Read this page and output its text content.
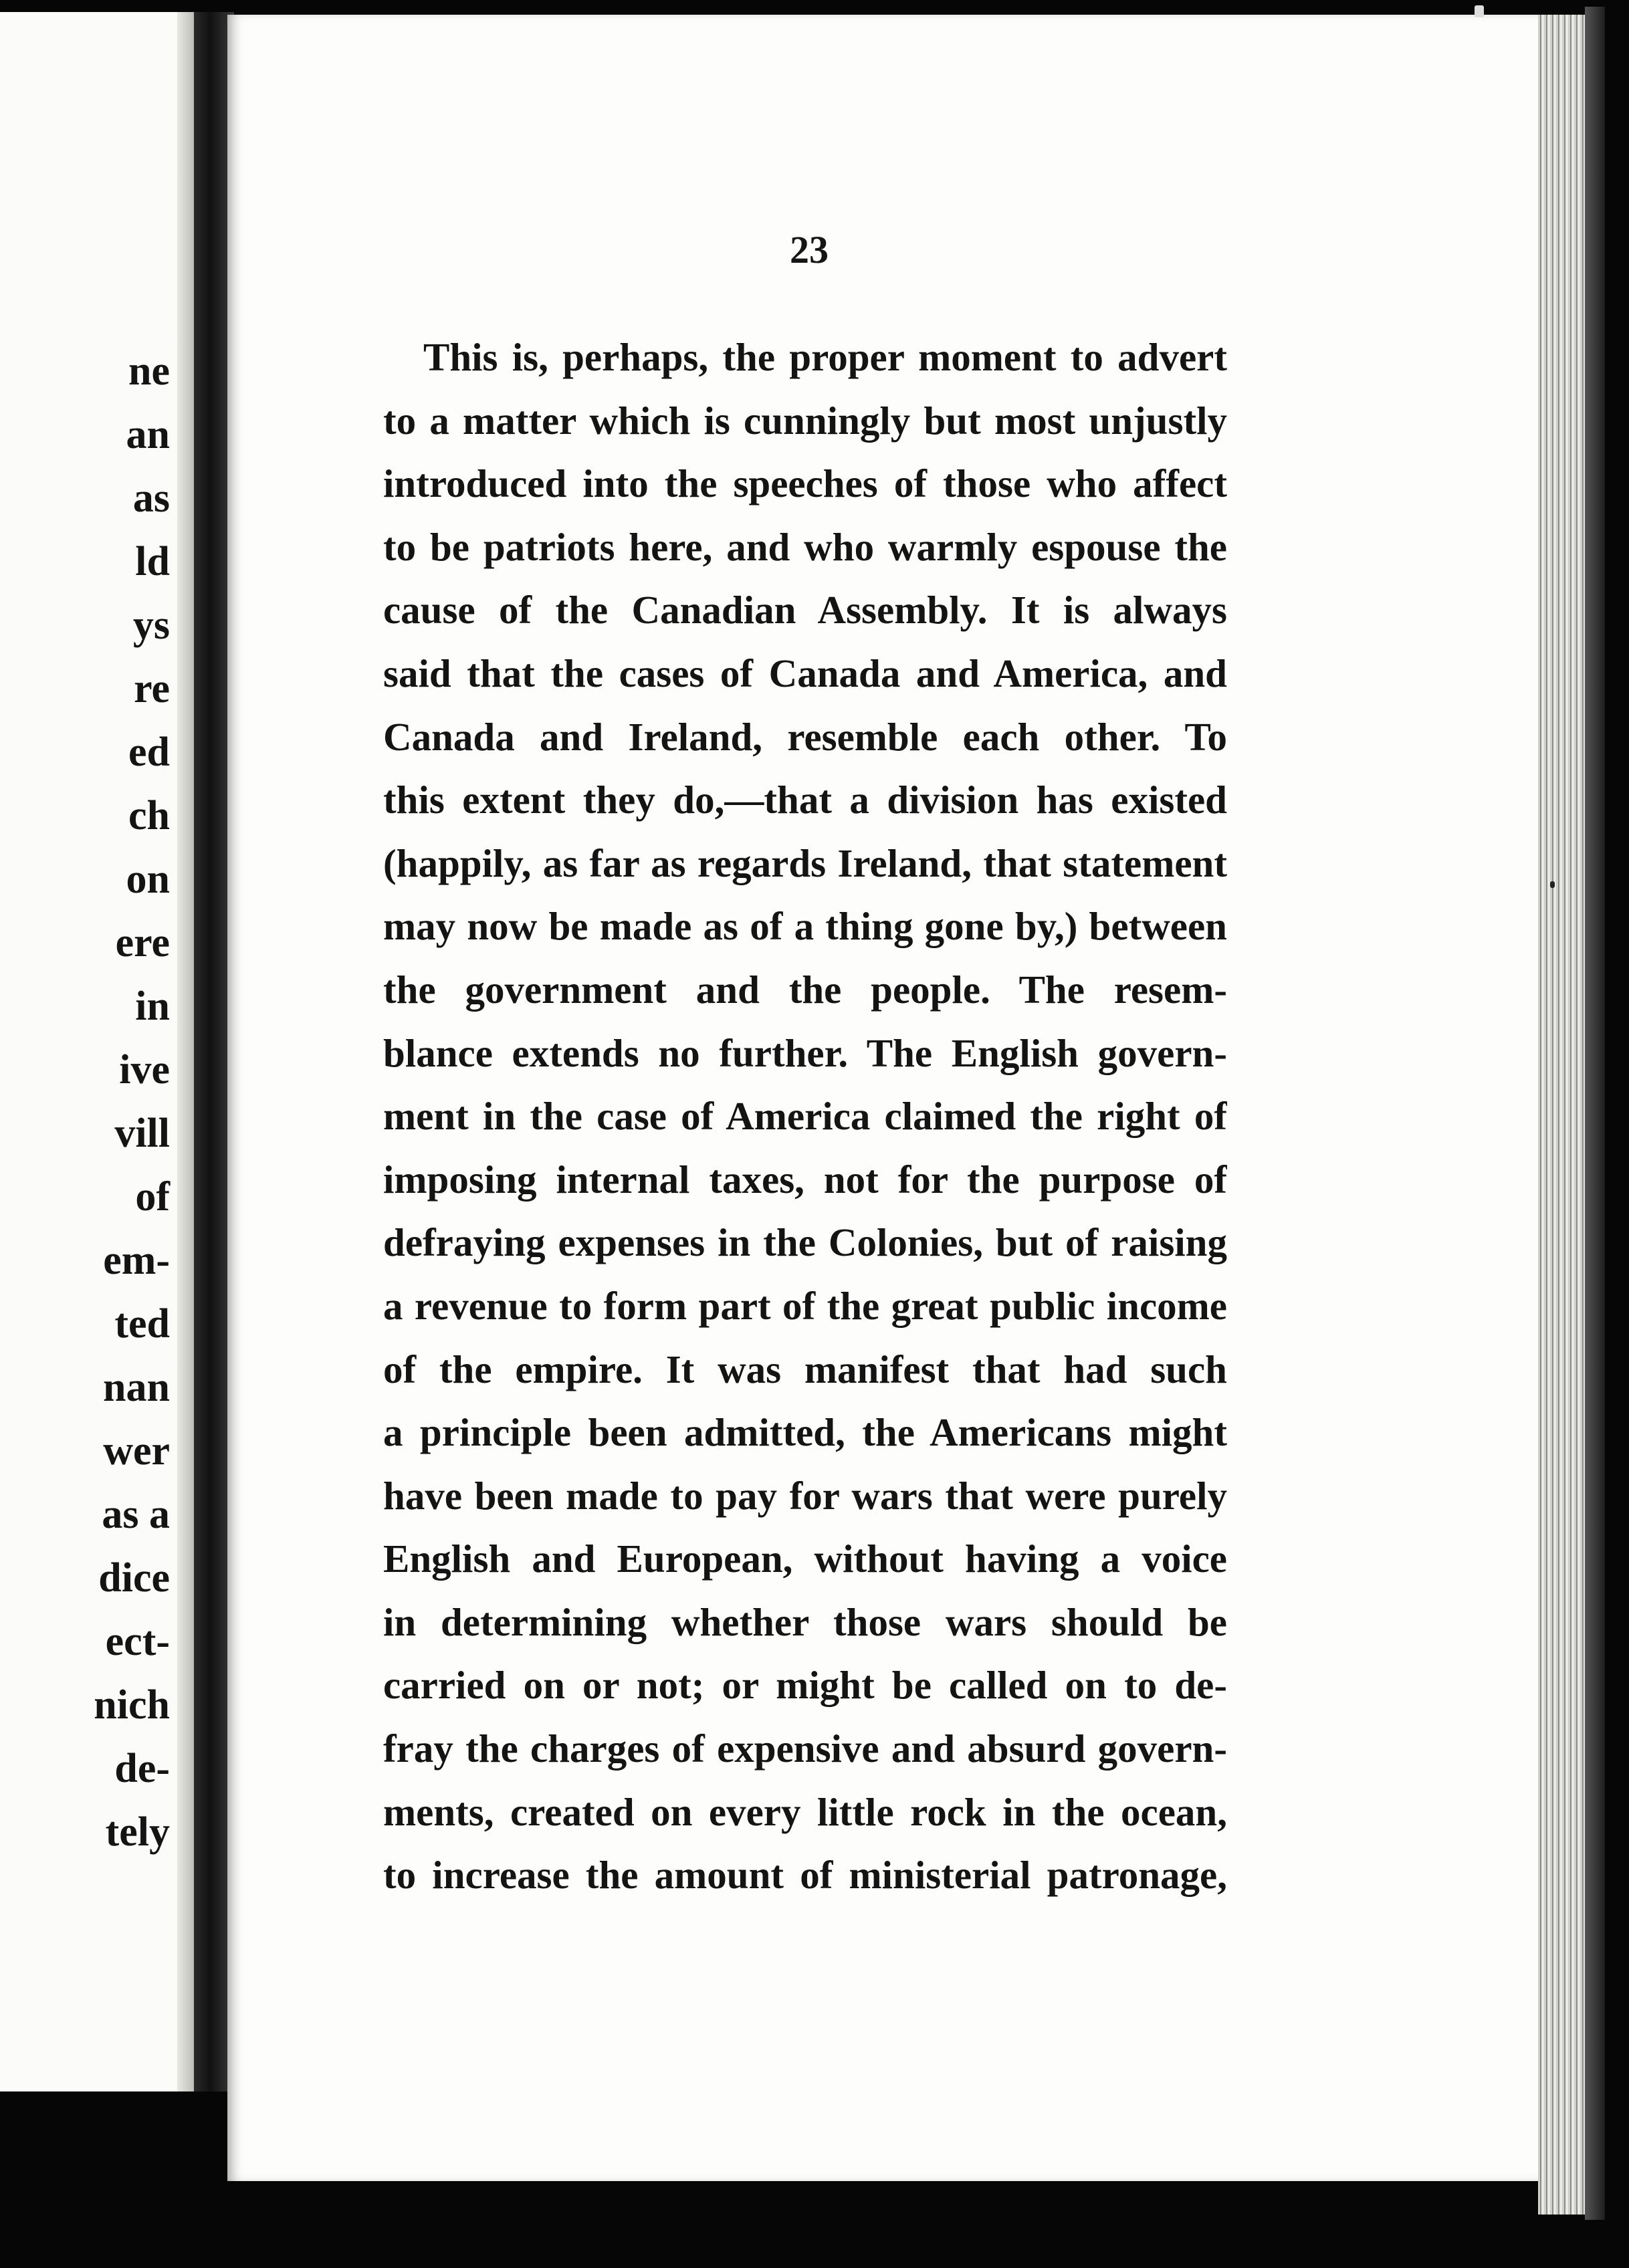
ne
an
as
ld
ys
re
ed
ch
on
ere
in
ive
vill
of
em-
ted
nan
wer
as a
dice
ect-
nich
de-
tely
23
This is, perhaps, the proper moment to advert
to a matter which is cunningly but most unjustly
introduced into the speeches of those who affect
to be patriots here, and who warmly espouse the
cause of the Canadian Assembly. It is always
said that the cases of Canada and America, and
Canada and Ireland, resemble each other. To
this extent they do,—that a division has existed
(happily, as far as regards Ireland, that statement
may now be made as of a thing gone by,) between
the government and the people. The resem-
blance extends no further. The English govern-
ment in the case of America claimed the right of
imposing internal taxes, not for the purpose of
defraying expenses in the Colonies, but of raising
a revenue to form part of the great public income
of the empire. It was manifest that had such
a principle been admitted, the Americans might
have been made to pay for wars that were purely
English and European, without having a voice
in determining whether those wars should be
carried on or not; or might be called on to de-
fray the charges of expensive and absurd govern-
ments, created on every little rock in the ocean,
to increase the amount of ministerial patronage,
